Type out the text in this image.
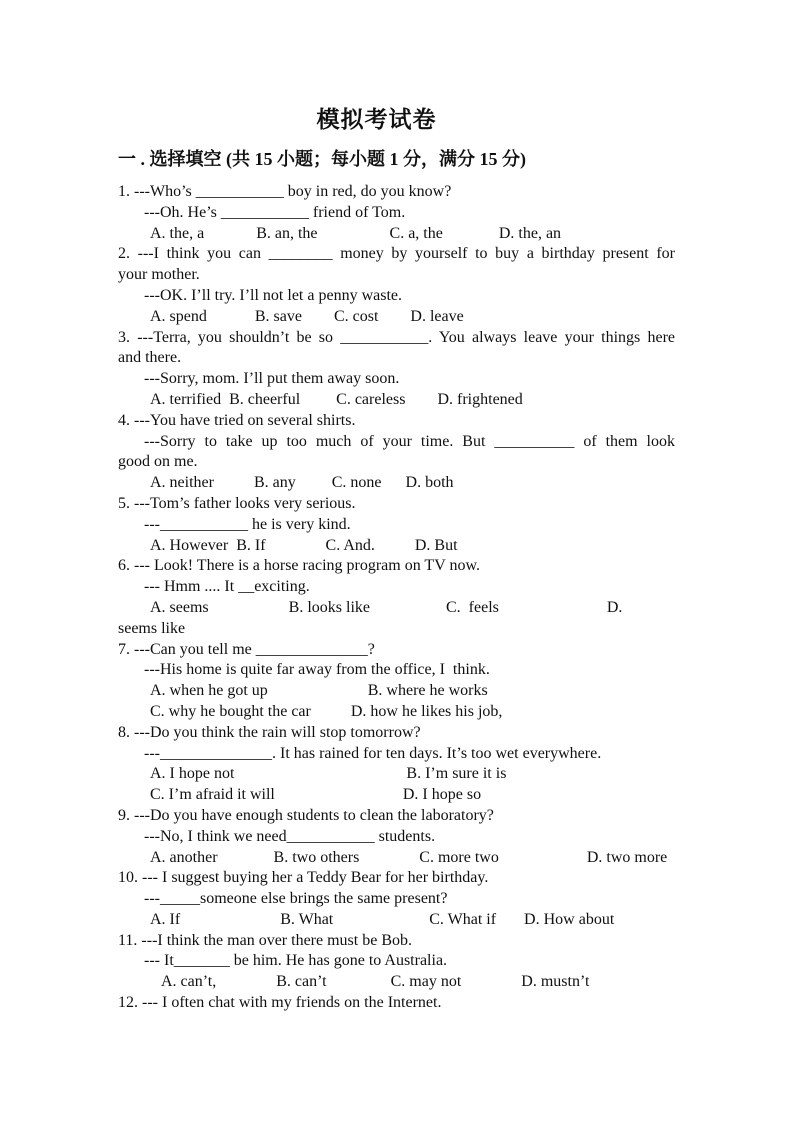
模拟考试卷
一 . 选择填空 (共 15 小题；每小题 1 分，满分 15 分)
1. ---Who’s ___________ boy in red, do you know?
---Oh. He’s ___________ friend of Tom.
A. the, a             B. an, the                  C. a, the              D. the, an
2. ---I think you can ________ money by yourself to buy a birthday present for
your mother.
---OK. I’ll try. I’ll not let a penny waste.
A. spend            B. save        C. cost        D. leave
3. ---Terra, you shouldn’t be so ___________. You always leave your things here
and there.
---Sorry, mom. I’ll put them away soon.
A. terrified  B. cheerful         C. careless        D. frightened
4. ---You have tried on several shirts.
---Sorry to take up too much of your time. But __________ of them look
good on me.
A. neither          B. any         C. none      D. both
5. ---Tom’s father looks very serious.
---___________ he is very kind.
A. However  B. If               C. And.          D. But
6. --- Look! There is a horse racing program on TV now.
--- Hmm .... It __exciting.
A. seems                    B. looks like                   C.  feels                           D.
seems like
7. ---Can you tell me ______________?
---His home is quite far away from the office, I  think.
A. when he got up                         B. where he works
C. why he bought the car          D. how he likes his job,
8. ---Do you think the rain will stop tomorrow?
---______________. It has rained for ten days. It’s too wet everywhere.
A. I hope not                                           B. I’m sure it is
C. I’m afraid it will                                D. I hope so
9. ---Do you have enough students to clean the laboratory?
---No, I think we need___________ students.
A. another              B. two others               C. more two                      D. two more
10. --- I suggest buying her a Teddy Bear for her birthday.
---_____someone else brings the same present?
A. If                         B. What                        C. What if       D. How about
11. ---I think the man over there must be Bob.
--- It_______ be him. He has gone to Australia.
A. can’t,               B. can’t                C. may not               D. mustn’t
12. --- I often chat with my friends on the Internet.
